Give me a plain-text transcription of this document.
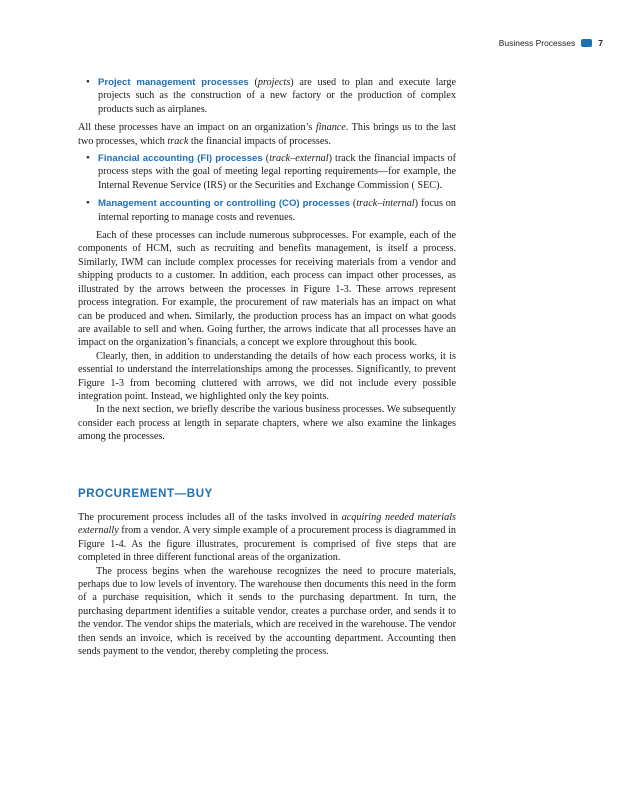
Business Processes	7
• Project management processes (projects) are used to plan and execute large projects such as the construction of a new factory or the production of complex products such as airplanes.

All these processes have an impact on an organization’s finance. This brings us to the last two processes, which track the financial impacts of processes.

• Financial accounting (FI) processes (track–external) track the financial impacts of process steps with the goal of meeting legal reporting requirements—for example, the Internal Revenue Service (IRS) or the Securities and Exchange Commission ( SEC).
• Management accounting or controlling (CO) processes (track–internal) focus on internal reporting to manage costs and revenues.

Each of these processes can include numerous subprocesses. For example, each of the components of HCM, such as recruiting and benefits management, is itself a process. Similarly, IWM can include complex processes for receiving materials from a vendor and shipping products to a customer. In addition, each process can impact other processes, as illustrated by the arrows between the processes in Figure 1-3. These arrows represent process integration. For example, the procurement of raw materials has an impact on what can be produced and when. Similarly, the production process has an impact on what goods are available to sell and when. Going further, the arrows indicate that all processes have an impact on the organization’s financials, a concept we explore throughout this book.

Clearly, then, in addition to understanding the details of how each process works, it is essential to understand the interrelationships among the processes. Significantly, to prevent Figure 1-3 from becoming cluttered with arrows, we did not include every possible integration point. Instead, we highlighted only the key points.

In the next section, we briefly describe the various business processes. We subsequently consider each process at length in separate chapters, where we also examine the linkages among the processes.

PROCUREMENT—BUY

The procurement process includes all of the tasks involved in acquiring needed materials externally from a vendor. A very simple example of a procurement process is diagrammed in Figure 1-4. As the figure illustrates, procurement is comprised of five steps that are completed in three different functional areas of the organization.

The process begins when the warehouse recognizes the need to procure materials, perhaps due to low levels of inventory. The warehouse then documents this need in the form of a purchase requisition, which it sends to the purchasing department. In turn, the purchasing department identifies a suitable vendor, creates a purchase order, and sends it to the vendor. The vendor ships the materials, which are received in the warehouse. The vendor then sends an invoice, which is received by the accounting department. Accounting then sends payment to the vendor, thereby completing the process.
